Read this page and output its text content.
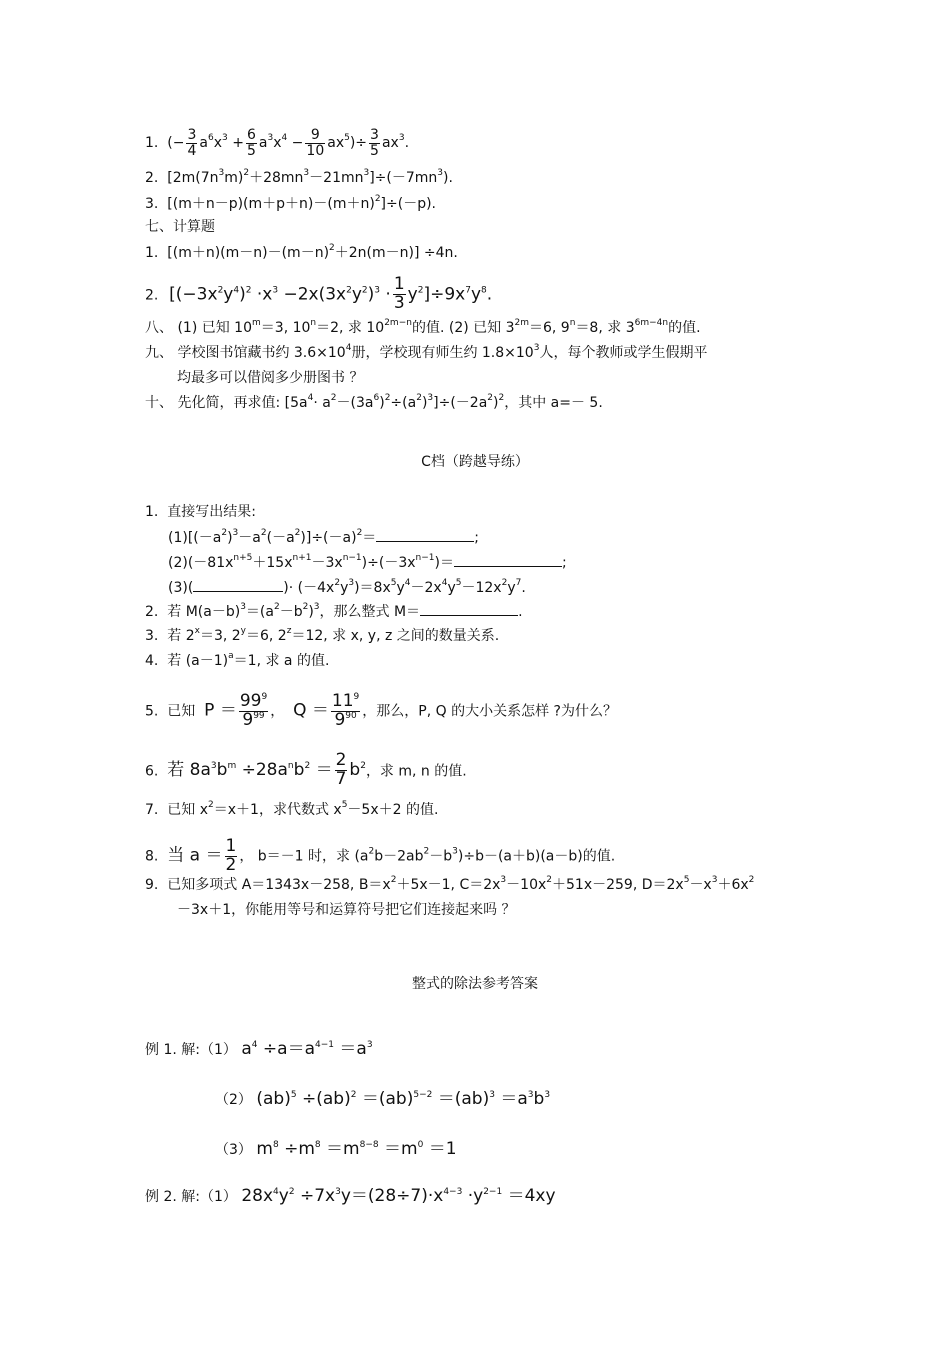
1. (− $\frac{3}{4} a^6x^3 + \frac{6}{5} a^3x^4 - \frac{9}{10} ax^5)\div \frac{3}{5} ax^3$.
2. $[2m(7n^3m)^2+28mn^3-21mn^3]\div(-7mn^3)$.
3. $[(m+n-p)(m+p+n)-(m+n)^2]\div(-p)$.
七、计算题
1. $[(m+n)(m-n)-(m-n)^2+2n(m-n)] \div 4n$.
2. $[(-3x^2y^4)^2 \cdot x^3 -2x(3x^2y^2)^3 \cdot \frac{1}{3} y^2]\div 9x^7y^8$.
八、 (1) 已知 $10^m=3$, $10^n=2$, 求 $10^{2m-n}$的值. (2) 已知 $3^{2m}=6$, $9^n=8$, 求 $3^{6m-4n}$的值.
九、 学校图书馆藏书约 $3.6\times 10^4$册，学校现有师生约 $1.8\times 10^3$人，每个教师或学生假期平
均最多可以借阅多少册图书 ？
十、 先化简，再求值: $[5a^4\cdot a^2-(3a^6)^2\div(a^2)^3]\div(-2a^2)^2$，其中 a=－ 5.
C档（跨越导练）
1. 直接写出结果:
$(1)[(-a^2)^3-a^2(-a^2)]\div(-a)^2=$	;
$(2)(-81x^{n+5}+15x^{n+1}-3x^{n-1})\div(-3x^{n-1})=$	;
(3)(	)· $(-4x^2y^3)=8x^5y^4-2x^4y^5-12x^2y^7$.
2. 若 $M(a-b)^3=(a^2-b^2)^3$，那么整式 M＝	.
3. 若 $2^x=3$, $2^y=6$, $2^z=12$, 求 x, y, z 之间的数量关系.
4. 若 $(a-1)^a=1$, 求 a 的值.
5. 已知 $P = \frac{99^9}{9^{99}}$ ， $Q = \frac{11^9}{9^{90}}$ ，那么，P, Q 的大小关系怎样 ?为什么？
6. 若 $8a^3b^m \div 28a^nb^2 = \frac{2}{7} b^2$，求 m, n 的值.
7. 已知 $x^2=x+1$，求代数式 $x^5-5x+2$ 的值.
8. 当 $a = \frac{1}{2}$ ， b＝－1 时，求 $(a^2b-2ab^2-b^3)\div b-(a+b)(a-b)$的值.
9. 已知多项式 A＝1343x－258, $B=x^2+5x-1$, $C=2x^3-10x^2+51x-259$, $D=2x^5-x^3+6x^2$
－3x＋1，你能用等号和运算符号把它们连接起来吗 ？
整式的除法参考答案
例 1. 解:（1） $a^4 \div a=a^{4-1} =a^3$
（2） $(ab)^5 \div(ab)^2 =(ab)^{5-2} =(ab)^3 =a^3b^3$
（3） $m^8 \div m^8 =m^{8-8} =m^0 =1$
例 2. 解:（1） $28x^4y^2 \div 7x^3y=(28\div 7)\cdot x^{4-3} \cdot y^{2-1} =4xy$
